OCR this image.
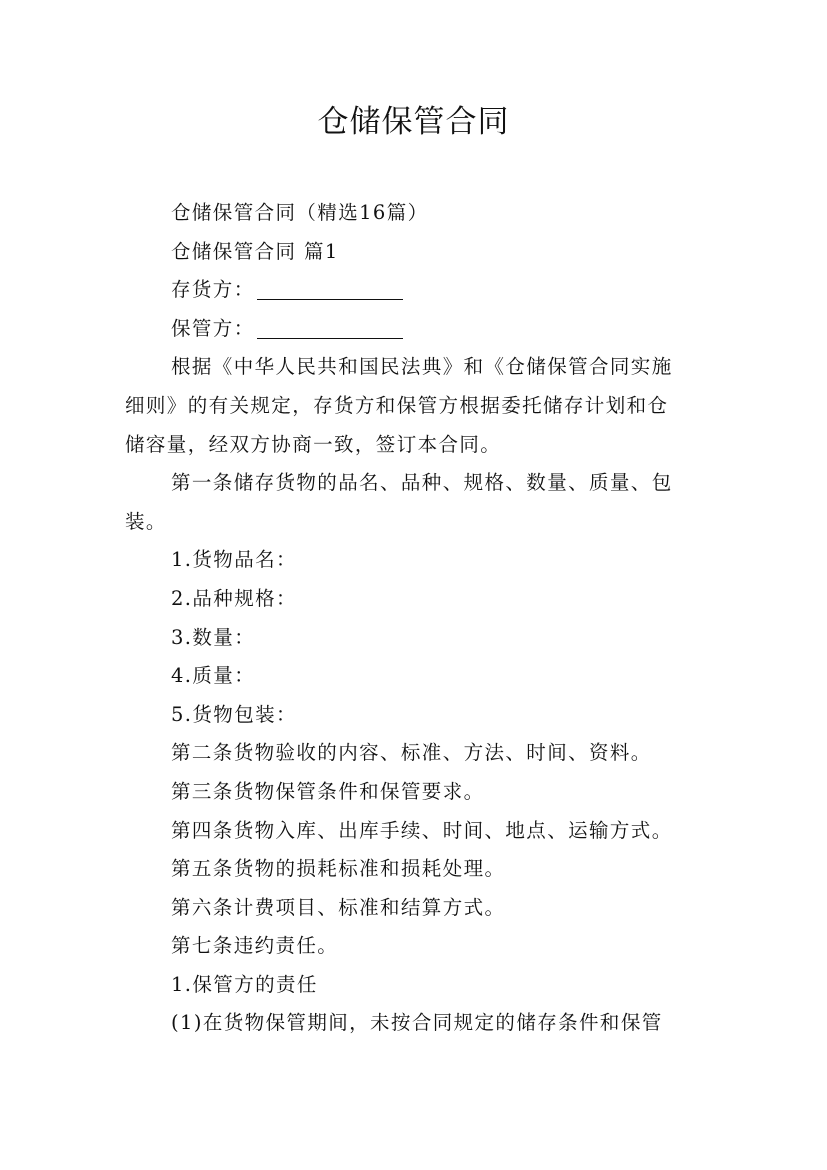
仓储保管合同
仓储保管合同（精选16篇）
仓储保管合同 篇1
存货方：
保管方：
根据《中华人民共和国民法典》和《仓储保管合同实施
细则》的有关规定，存货方和保管方根据委托储存计划和仓
储容量，经双方协商一致，签订本合同。
第一条储存货物的品名、品种、规格、数量、质量、包
装。
1.货物品名：
2.品种规格：
3.数量：
4.质量：
5.货物包装：
第二条货物验收的内容、标准、方法、时间、资料。
第三条货物保管条件和保管要求。
第四条货物入库、出库手续、时间、地点、运输方式。
第五条货物的损耗标准和损耗处理。
第六条计费项目、标准和结算方式。
第七条违约责任。
1.保管方的责任
(1)在货物保管期间，未按合同规定的储存条件和保管
